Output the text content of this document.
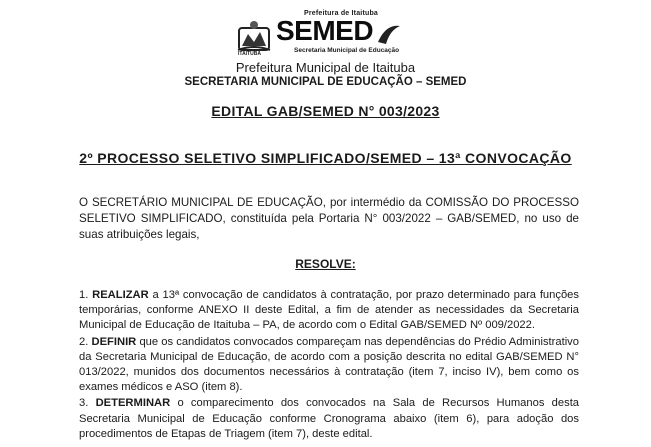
Prefeitura de Itaituba
SEMED
Secretaria Municipal de Educação
ITAITUBA
Prefeitura Municipal de Itaituba
SECRETARIA MUNICIPAL DE EDUCAÇÃO – SEMED
EDITAL GAB/SEMED N° 003/2023
2º PROCESSO SELETIVO SIMPLIFICADO/SEMED – 13ª CONVOCAÇÃO
O SECRETÁRIO MUNICIPAL DE EDUCAÇÃO, por intermédio da COMISSÃO DO PROCESSO SELETIVO SIMPLIFICADO, constituída pela Portaria N° 003/2022 – GAB/SEMED, no uso de suas atribuições legais,
RESOLVE:
1. REALIZAR a 13ª convocação de candidatos à contratação, por prazo determinado para funções temporárias, conforme ANEXO II deste Edital, a fim de atender as necessidades da Secretaria Municipal de Educação de Itaituba – PA, de acordo com o Edital GAB/SEMED Nº 009/2022.
2. DEFINIR que os candidatos convocados compareçam nas dependências do Prédio Administrativo da Secretaria Municipal de Educação, de acordo com a posição descrita no edital GAB/SEMED N° 013/2022, munidos dos documentos necessários à contratação (item 7, inciso IV), bem como os exames médicos e ASO (item 8).
3. DETERMINAR o comparecimento dos convocados na Sala de Recursos Humanos desta Secretaria Municipal de Educação conforme Cronograma abaixo (item 6), para adoção dos procedimentos de Etapas de Triagem (item 7), deste edital.
